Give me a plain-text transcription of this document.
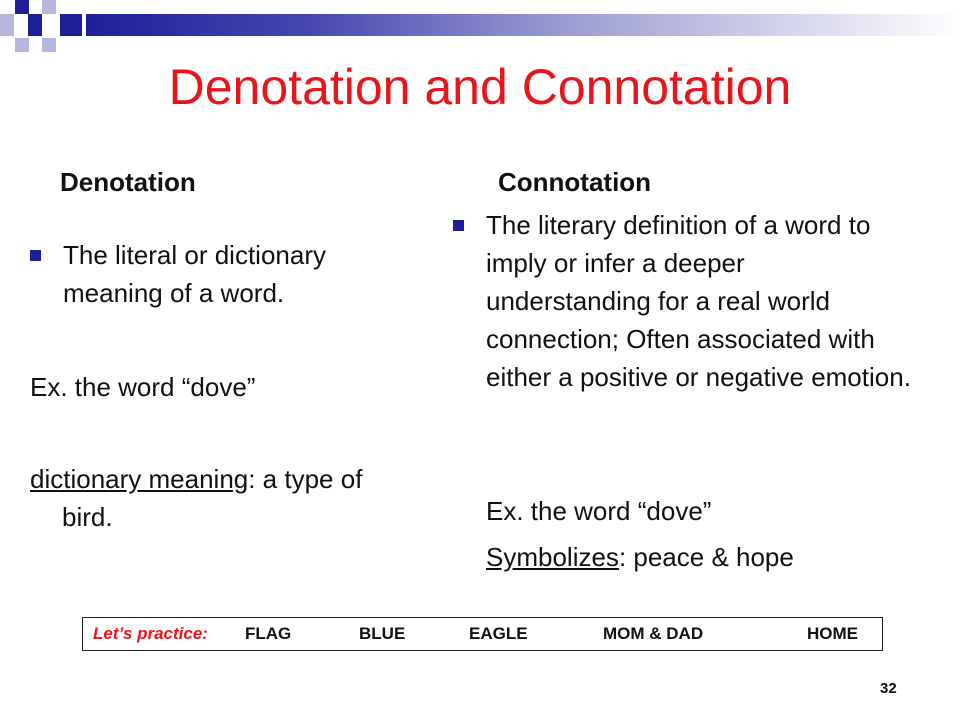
Denotation and Connotation
Denotation
The literal or dictionary meaning of a word.
Ex. the word “dove”
dictionary meaning: a type of
bird.
Connotation
The literary definition of a word to imply or infer a deeper understanding for a real world connection; Often associated with either a positive or negative emotion.
Ex. the word “dove”
Symbolizes: peace & hope
Let’s practice: FLAG	BLUE	EAGLE	MOM & DAD	HOME
32
